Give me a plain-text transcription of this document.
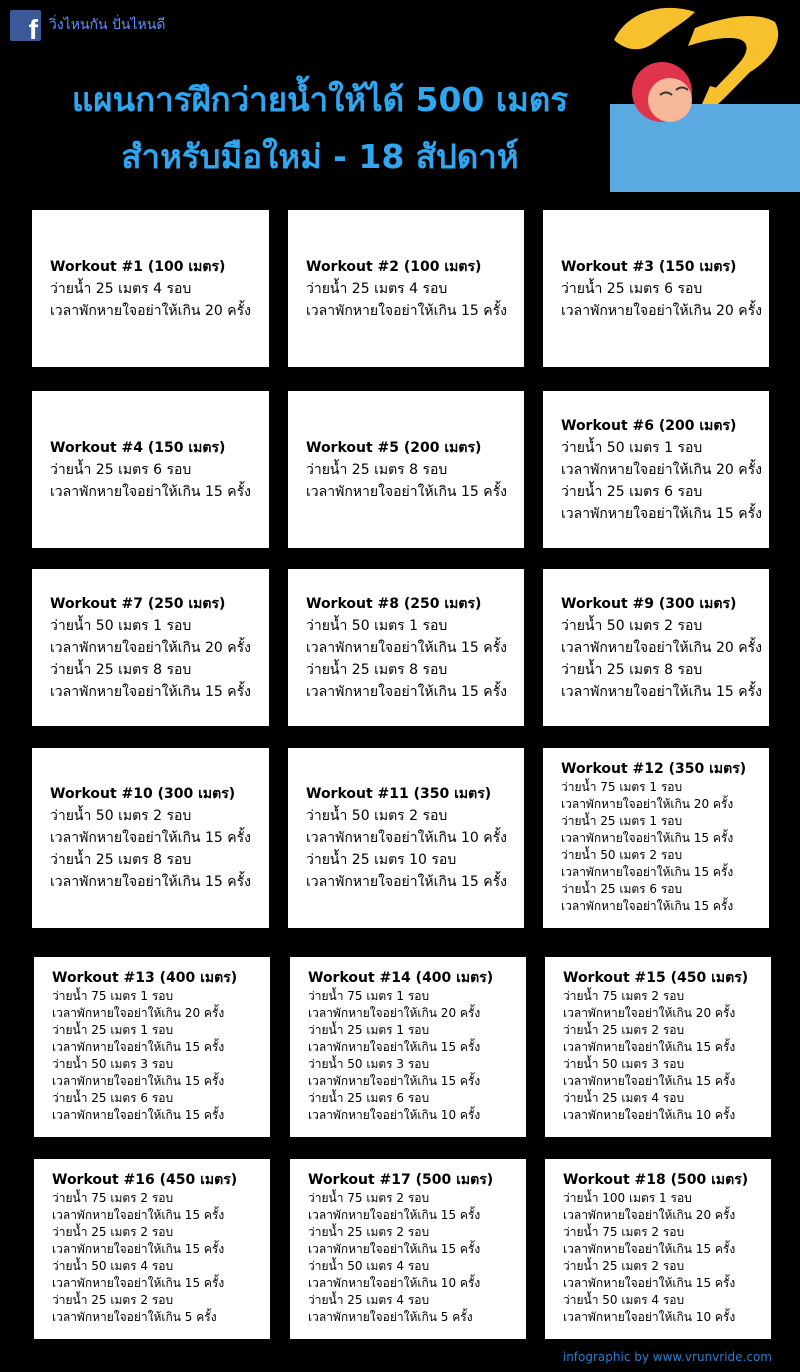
f วิ่งไหนกัน ปั่นไหนดี
แผนการฝึกว่ายน้ำให้ได้ 500 เมตร
สำหรับมือใหม่ - 18 สัปดาห์
Workout #1 (100 เมตร)
ว่ายน้ำ 25 เมตร 4 รอบ
เวลาพักหายใจอย่าให้เกิน 20 ครั้ง
Workout #2 (100 เมตร)
ว่ายน้ำ 25 เมตร 4 รอบ
เวลาพักหายใจอย่าให้เกิน 15 ครั้ง
Workout #3 (150 เมตร)
ว่ายน้ำ 25 เมตร 6 รอบ
เวลาพักหายใจอย่าให้เกิน 20 ครั้ง
Workout #4 (150 เมตร)
ว่ายน้ำ 25 เมตร 6 รอบ
เวลาพักหายใจอย่าให้เกิน 15 ครั้ง
Workout #5 (200 เมตร)
ว่ายน้ำ 25 เมตร 8 รอบ
เวลาพักหายใจอย่าให้เกิน 15 ครั้ง
Workout #6 (200 เมตร)
ว่ายน้ำ 50 เมตร 1 รอบ
เวลาพักหายใจอย่าให้เกิน 20 ครั้ง
ว่ายน้ำ 25 เมตร 6 รอบ
เวลาพักหายใจอย่าให้เกิน 15 ครั้ง
Workout #7 (250 เมตร)
ว่ายน้ำ 50 เมตร 1 รอบ
เวลาพักหายใจอย่าให้เกิน 20 ครั้ง
ว่ายน้ำ 25 เมตร 8 รอบ
เวลาพักหายใจอย่าให้เกิน 15 ครั้ง
Workout #8 (250 เมตร)
ว่ายน้ำ 50 เมตร 1 รอบ
เวลาพักหายใจอย่าให้เกิน 15 ครั้ง
ว่ายน้ำ 25 เมตร 8 รอบ
เวลาพักหายใจอย่าให้เกิน 15 ครั้ง
Workout #9 (300 เมตร)
ว่ายน้ำ 50 เมตร 2 รอบ
เวลาพักหายใจอย่าให้เกิน 20 ครั้ง
ว่ายน้ำ 25 เมตร 8 รอบ
เวลาพักหายใจอย่าให้เกิน 15 ครั้ง
Workout #10 (300 เมตร)
ว่ายน้ำ 50 เมตร 2 รอบ
เวลาพักหายใจอย่าให้เกิน 15 ครั้ง
ว่ายน้ำ 25 เมตร 8 รอบ
เวลาพักหายใจอย่าให้เกิน 15 ครั้ง
Workout #11 (350 เมตร)
ว่ายน้ำ 50 เมตร 2 รอบ
เวลาพักหายใจอย่าให้เกิน 10 ครั้ง
ว่ายน้ำ 25 เมตร 10 รอบ
เวลาพักหายใจอย่าให้เกิน 15 ครั้ง
Workout #12 (350 เมตร)
ว่ายน้ำ 75 เมตร 1 รอบ
เวลาพักหายใจอย่าให้เกิน 20 ครั้ง
ว่ายน้ำ 25 เมตร 1 รอบ
เวลาพักหายใจอย่าให้เกิน 15 ครั้ง
ว่ายน้ำ 50 เมตร 2 รอบ
เวลาพักหายใจอย่าให้เกิน 15 ครั้ง
ว่ายน้ำ 25 เมตร 6 รอบ
เวลาพักหายใจอย่าให้เกิน 15 ครั้ง
Workout #13 (400 เมตร)
ว่ายน้ำ 75 เมตร 1 รอบ
เวลาพักหายใจอย่าให้เกิน 20 ครั้ง
ว่ายน้ำ 25 เมตร 1 รอบ
เวลาพักหายใจอย่าให้เกิน 15 ครั้ง
ว่ายน้ำ 50 เมตร 3 รอบ
เวลาพักหายใจอย่าให้เกิน 15 ครั้ง
ว่ายน้ำ 25 เมตร 6 รอบ
เวลาพักหายใจอย่าให้เกิน 15 ครั้ง
Workout #14 (400 เมตร)
ว่ายน้ำ 75 เมตร 1 รอบ
เวลาพักหายใจอย่าให้เกิน 20 ครั้ง
ว่ายน้ำ 25 เมตร 1 รอบ
เวลาพักหายใจอย่าให้เกิน 15 ครั้ง
ว่ายน้ำ 50 เมตร 3 รอบ
เวลาพักหายใจอย่าให้เกิน 15 ครั้ง
ว่ายน้ำ 25 เมตร 6 รอบ
เวลาพักหายใจอย่าให้เกิน 10 ครั้ง
Workout #15 (450 เมตร)
ว่ายน้ำ 75 เมตร 2 รอบ
เวลาพักหายใจอย่าให้เกิน 20 ครั้ง
ว่ายน้ำ 25 เมตร 2 รอบ
เวลาพักหายใจอย่าให้เกิน 15 ครั้ง
ว่ายน้ำ 50 เมตร 3 รอบ
เวลาพักหายใจอย่าให้เกิน 15 ครั้ง
ว่ายน้ำ 25 เมตร 4 รอบ
เวลาพักหายใจอย่าให้เกิน 10 ครั้ง
Workout #16 (450 เมตร)
ว่ายน้ำ 75 เมตร 2 รอบ
เวลาพักหายใจอย่าให้เกิน 15 ครั้ง
ว่ายน้ำ 25 เมตร 2 รอบ
เวลาพักหายใจอย่าให้เกิน 15 ครั้ง
ว่ายน้ำ 50 เมตร 4 รอบ
เวลาพักหายใจอย่าให้เกิน 15 ครั้ง
ว่ายน้ำ 25 เมตร 2 รอบ
เวลาพักหายใจอย่าให้เกิน 5 ครั้ง
Workout #17 (500 เมตร)
ว่ายน้ำ 75 เมตร 2 รอบ
เวลาพักหายใจอย่าให้เกิน 15 ครั้ง
ว่ายน้ำ 25 เมตร 2 รอบ
เวลาพักหายใจอย่าให้เกิน 15 ครั้ง
ว่ายน้ำ 50 เมตร 4 รอบ
เวลาพักหายใจอย่าให้เกิน 10 ครั้ง
ว่ายน้ำ 25 เมตร 4 รอบ
เวลาพักหายใจอย่าให้เกิน 5 ครั้ง
Workout #18 (500 เมตร)
ว่ายน้ำ 100 เมตร 1 รอบ
เวลาพักหายใจอย่าให้เกิน 20 ครั้ง
ว่ายน้ำ 75 เมตร 2 รอบ
เวลาพักหายใจอย่าให้เกิน 15 ครั้ง
ว่ายน้ำ 25 เมตร 2 รอบ
เวลาพักหายใจอย่าให้เกิน 15 ครั้ง
ว่ายน้ำ 50 เมตร 4 รอบ
เวลาพักหายใจอย่าให้เกิน 10 ครั้ง
infographic by www.vrunvride.com
